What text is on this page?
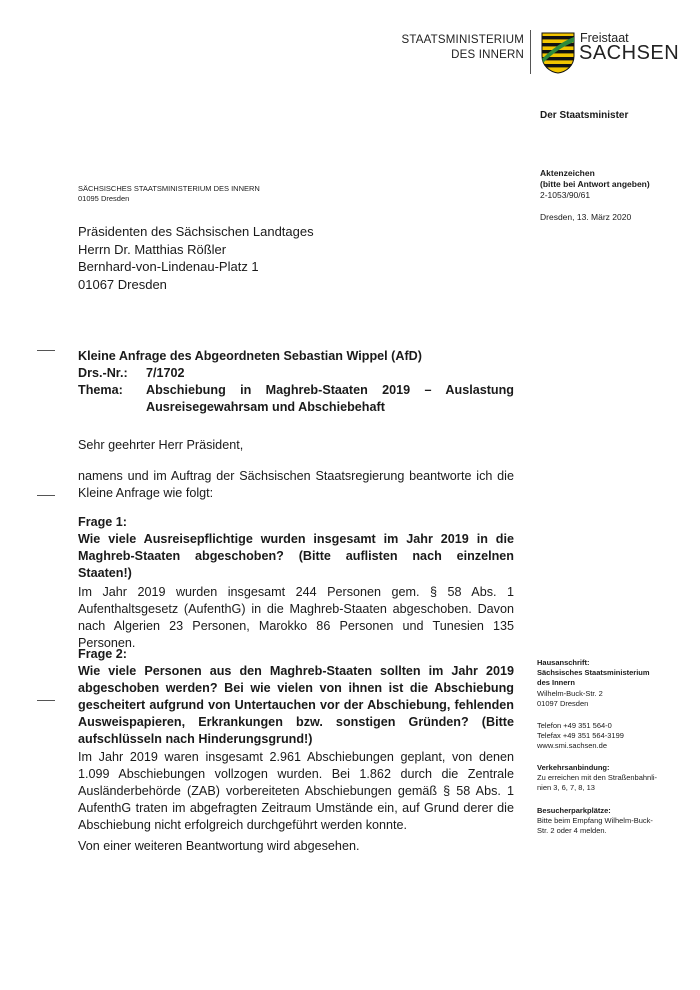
STAATSMINISTERIUM
DES INNERN
Freistaat
SACHSEN
Der Staatsminister
Aktenzeichen
(bitte bei Antwort angeben)
2-1053/90/61
Dresden, 13. März 2020
SÄCHSISCHES STAATSMINISTERIUM DES INNERN
01095 Dresden
Präsidenten des Sächsischen Landtages
Herrn Dr. Matthias Rößler
Bernhard-von-Lindenau-Platz 1
01067 Dresden
Kleine Anfrage des Abgeordneten Sebastian Wippel (AfD)
Drs.-Nr.:	7/1702
Thema:	Abschiebung in Maghreb-Staaten 2019 – Auslastung Ausreisegewahrsam und Abschiebehaft
Sehr geehrter Herr Präsident,
namens und im Auftrag der Sächsischen Staatsregierung beantworte ich die Kleine Anfrage wie folgt:
Frage 1:
Wie viele Ausreisepflichtige wurden insgesamt im Jahr 2019 in die Maghreb-Staaten abgeschoben? (Bitte auflisten nach einzelnen Staaten!)
Im Jahr 2019 wurden insgesamt 244 Personen gem. § 58 Abs. 1 Aufenthaltsgesetz (AufenthG) in die Maghreb-Staaten abgeschoben. Davon nach Algerien 23 Personen, Marokko 86 Personen und Tunesien 135 Personen.
Frage 2:
Wie viele Personen aus den Maghreb-Staaten sollten im Jahr 2019 abgeschoben werden? Bei wie vielen von ihnen ist die Abschiebung gescheitert aufgrund von Untertauchen vor der Abschiebung, fehlenden Ausweispapieren, Erkrankungen bzw. sonstigen Gründen? (Bitte aufschlüsseln nach Hinderungsgrund!)
Im Jahr 2019 waren insgesamt 2.961 Abschiebungen geplant, von denen 1.099 Abschiebungen vollzogen wurden. Bei 1.862 durch die Zentrale Ausländerbehörde (ZAB) vorbereiteten Abschiebungen gemäß § 58 Abs. 1 AufenthG traten im abgefragten Zeitraum Umstände ein, auf Grund derer die Abschiebung nicht erfolgreich durchgeführt werden konnte.
Von einer weiteren Beantwortung wird abgesehen.
Hausanschrift:
Sächsisches Staatsministerium
des Innern
Wilhelm-Buck-Str. 2
01097 Dresden
Telefon +49 351 564-0
Telefax +49 351 564-3199
www.smi.sachsen.de
Verkehrsanbindung:
Zu erreichen mit den Straßenbahnli-
nien 3, 6, 7, 8, 13
Besucherparkplätze:
Bitte beim Empfang Wilhelm-Buck-
Str. 2 oder 4 melden.
